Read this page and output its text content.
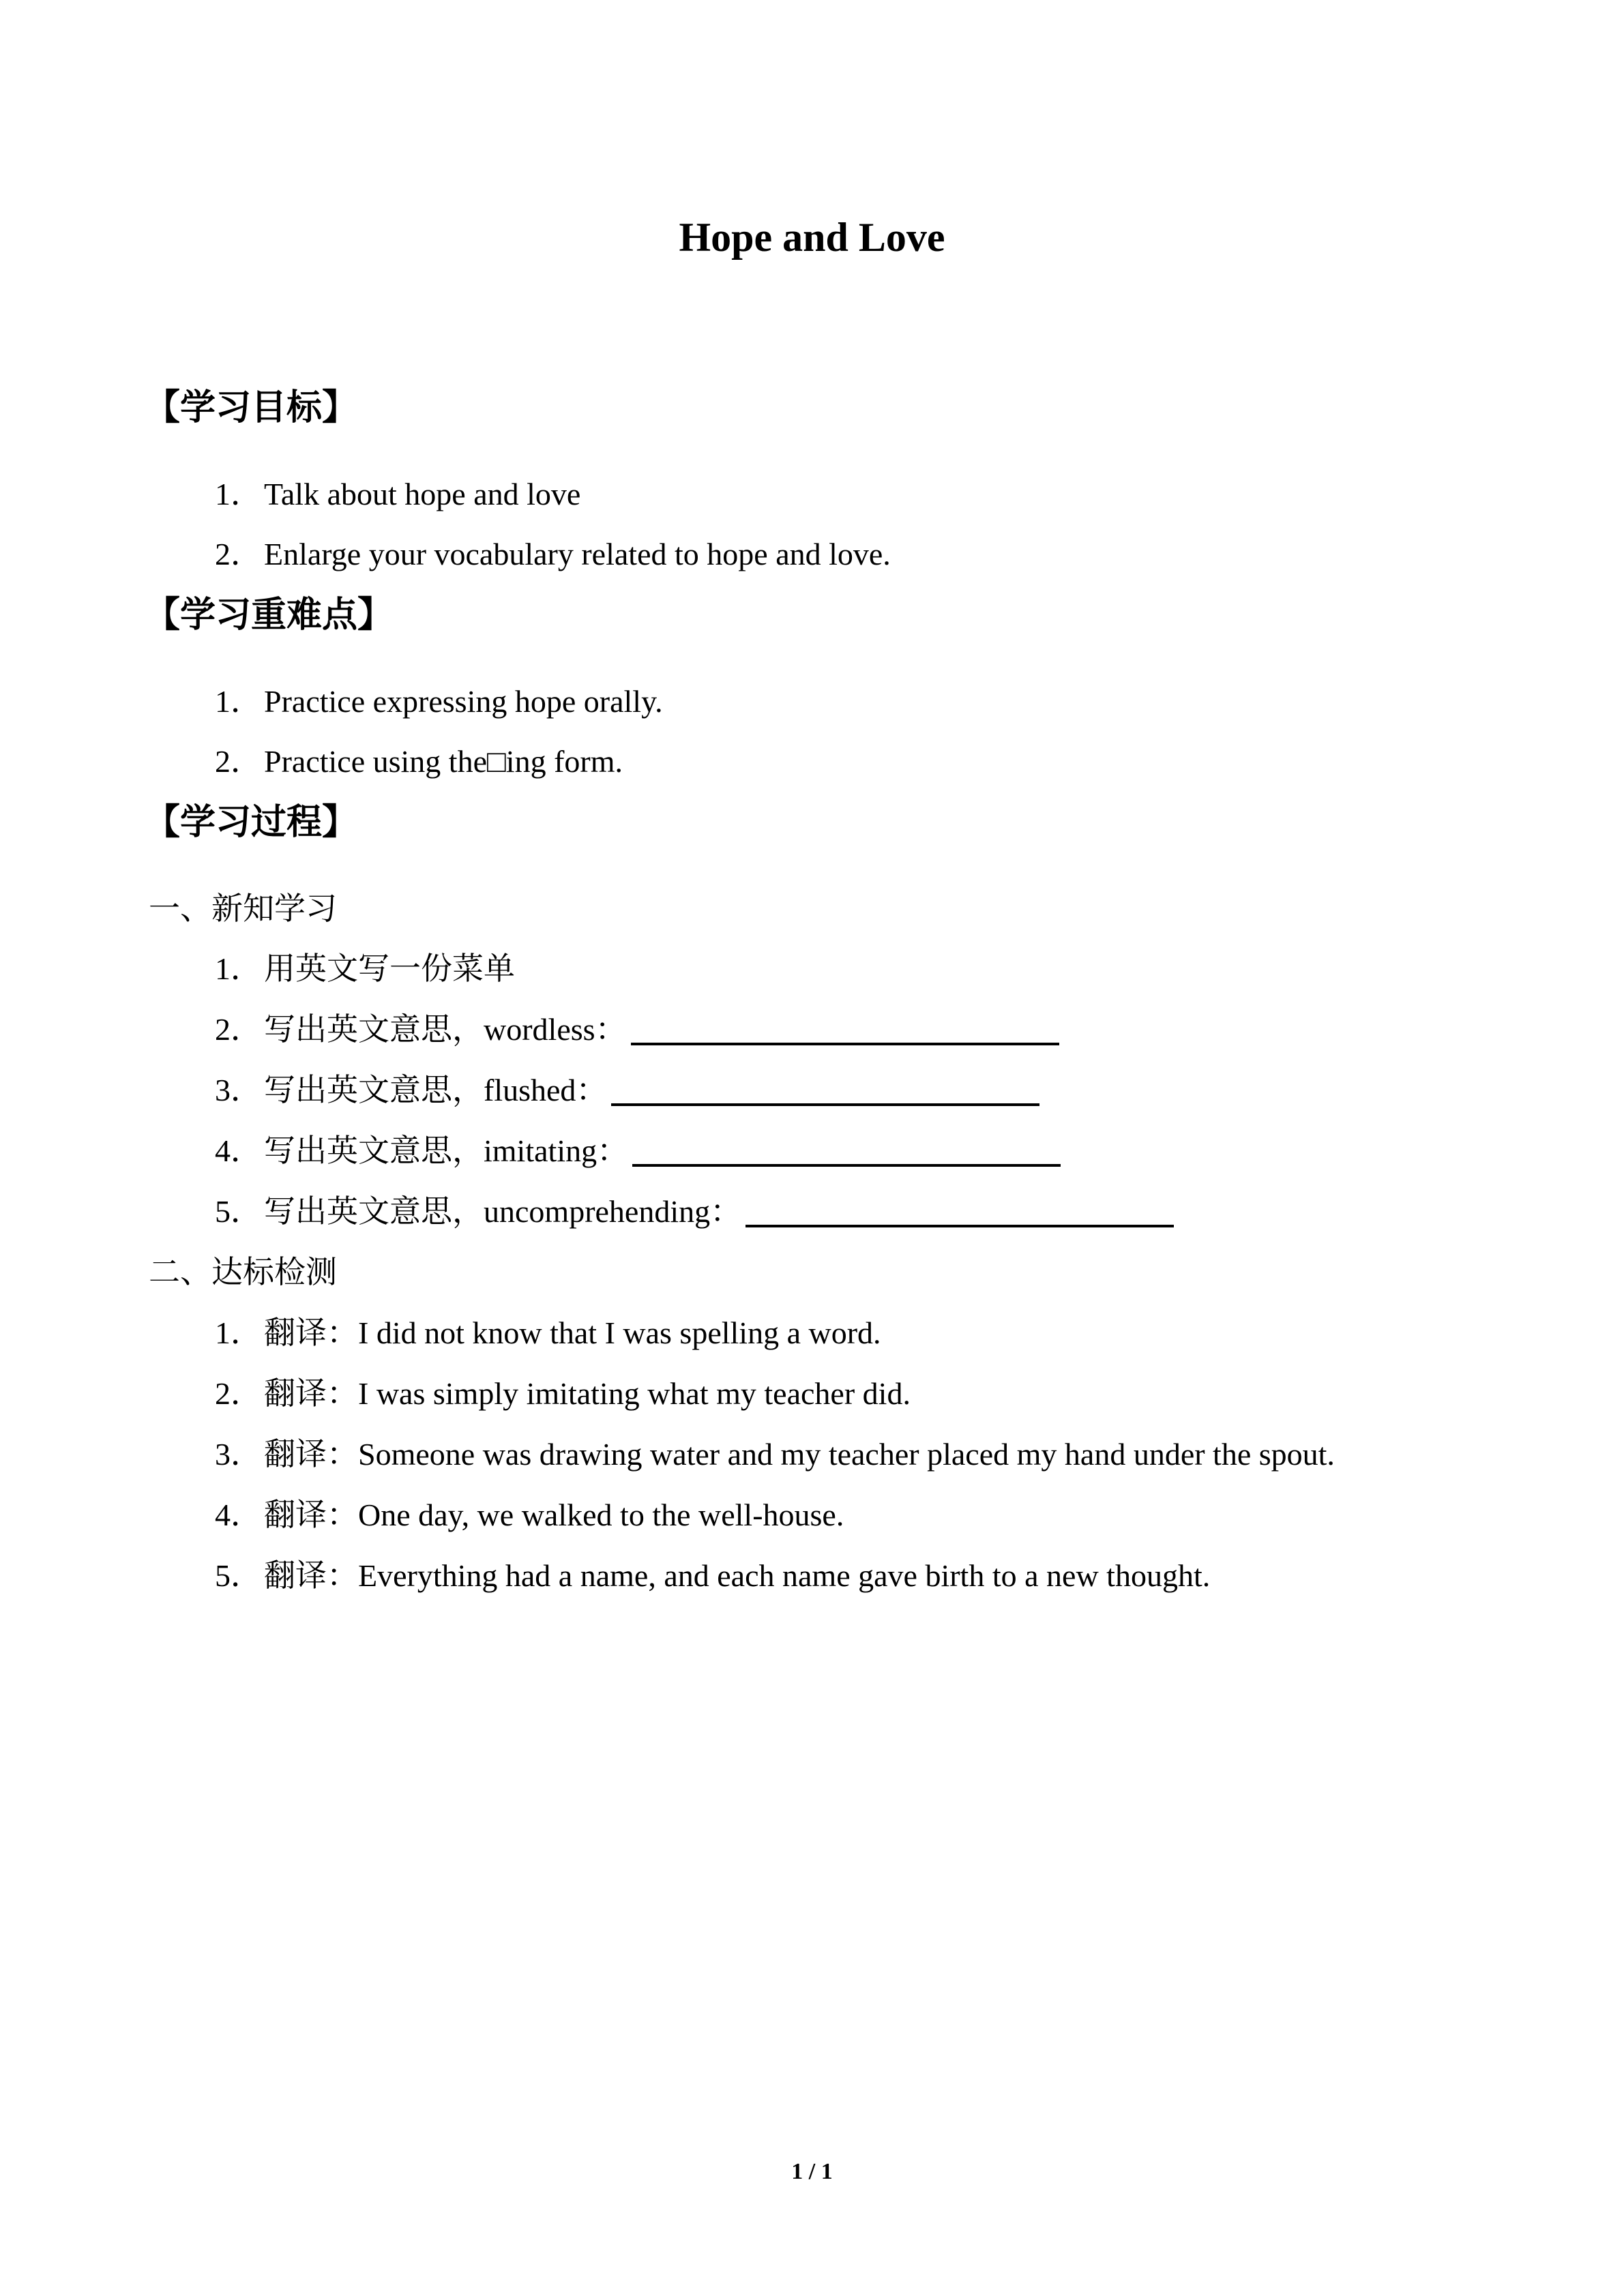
Hope and Love
【学习目标】
1．Talk about hope and love
2．Enlarge your vocabulary related to hope and love.
【学习重难点】
1．Practice expressing hope orally.
2．Practice using the□ing form.
【学习过程】
一、新知学习
1．用英文写一份菜单
2．写出英文意思，wordless：
3．写出英文意思，flushed：
4．写出英文意思，imitating：
5．写出英文意思，uncomprehending：
二、达标检测
1．翻译：I did not know that I was spelling a word.
2．翻译：I was simply imitating what my teacher did.
3．翻译：Someone was drawing water and my teacher placed my hand under the spout.
4．翻译：One day, we walked to the well-house.
5．翻译：Everything had a name, and each name gave birth to a new thought.
1 / 1
